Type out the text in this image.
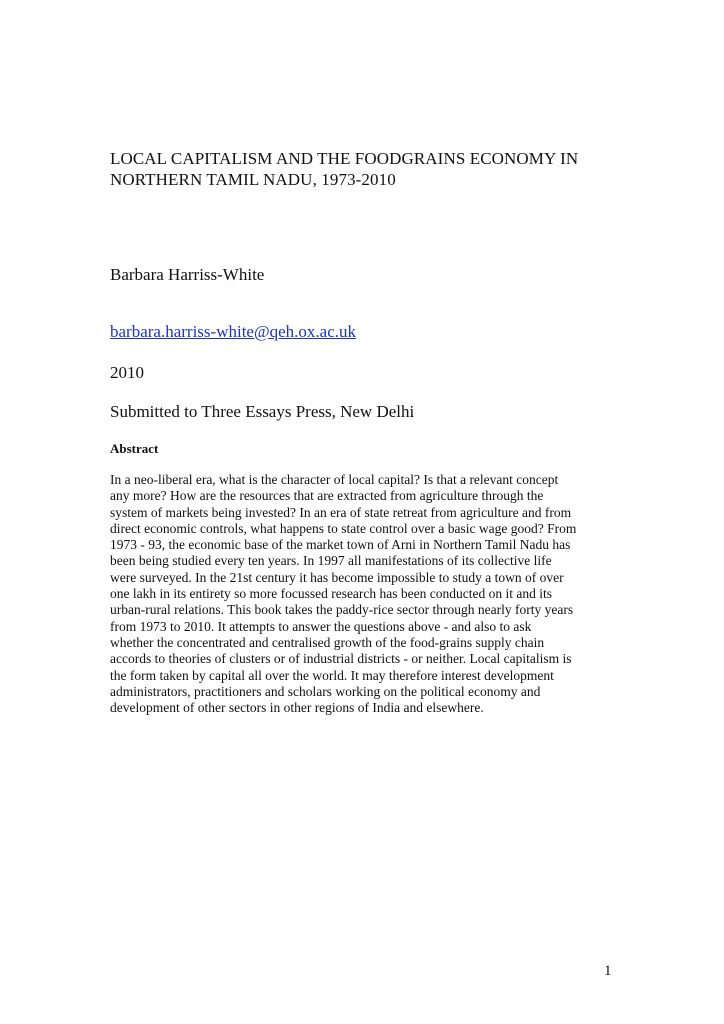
LOCAL CAPITALISM AND THE FOODGRAINS ECONOMY IN
NORTHERN TAMIL NADU, 1973-2010
Barbara Harriss-White
barbara.harriss-white@qeh.ox.ac.uk
2010
Submitted to Three Essays Press, New Delhi
Abstract
In a neo-liberal era, what is the character of local capital? Is that a relevant concept
any more? How are the resources that are extracted from agriculture through the
system of markets being invested? In an era of state retreat from agriculture and from
direct economic controls, what happens to state control over a basic wage good? From
1973 - 93, the economic base of the market town of Arni in Northern Tamil Nadu has
been being studied every ten years. In 1997 all manifestations of its collective life
were surveyed. In the 21st century it has become impossible to study a town of over
one lakh in its entirety so more focussed research has been conducted on it and its
urban-rural relations. This book takes the paddy-rice sector through nearly forty years
from 1973 to 2010. It attempts to answer the questions above - and also to ask
whether the concentrated and centralised growth of the food-grains supply chain
accords to theories of clusters or of industrial districts - or neither. Local capitalism is
the form taken by capital all over the world. It may therefore interest development
administrators, practitioners and scholars working on the political economy and
development of other sectors in other regions of India and elsewhere.
1
